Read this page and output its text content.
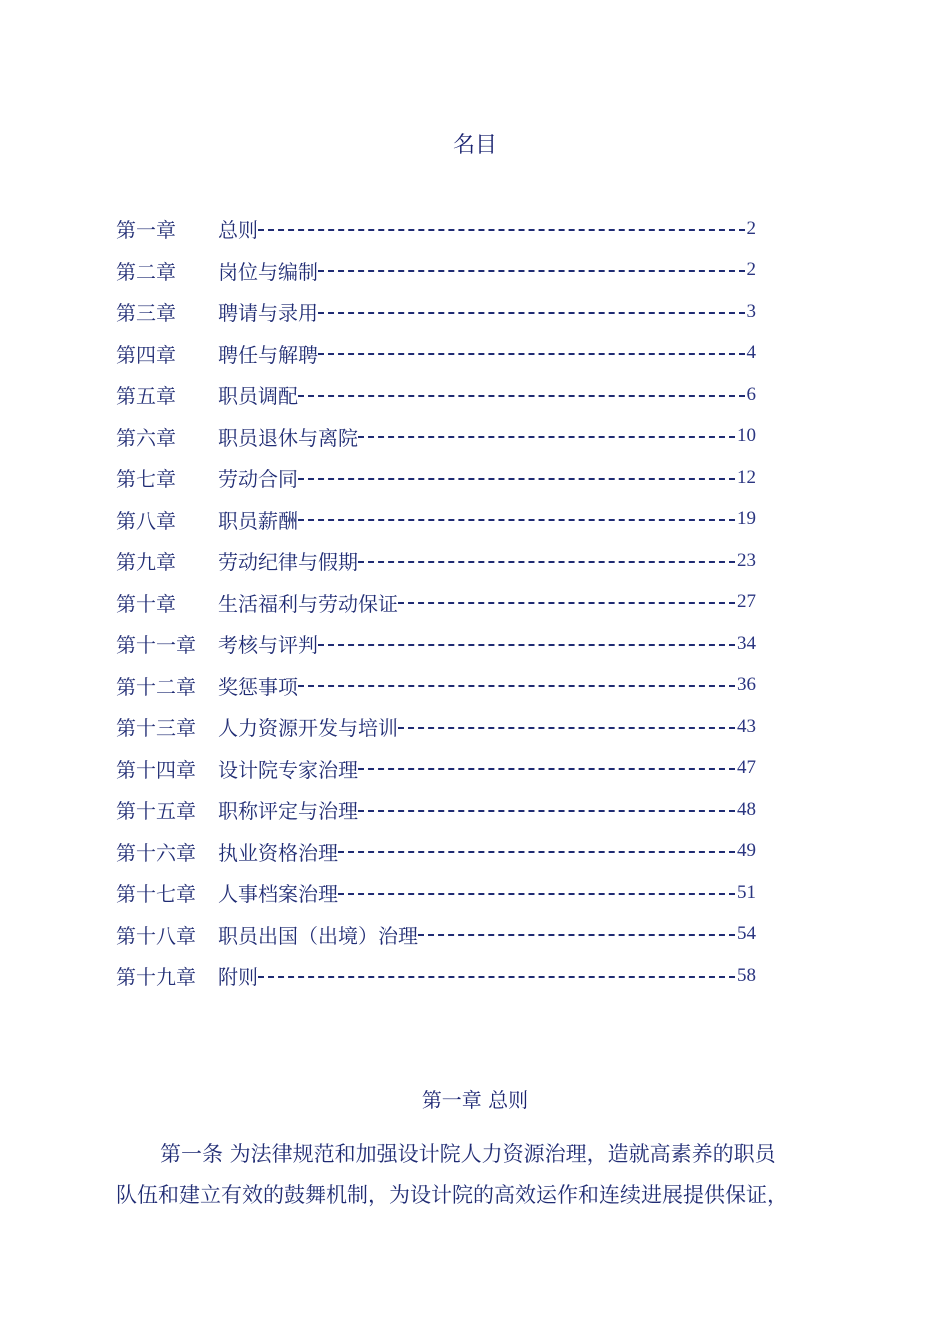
名目
第一章	总则	2
第二章	岗位与编制	2
第三章	聘请与录用	3
第四章	聘任与解聘	4
第五章	职员调配	6
第六章	职员退休与离院	10
第七章	劳动合同	12
第八章	职员薪酬	19
第九章	劳动纪律与假期	23
第十章	生活福利与劳动保证	27
第十一章	考核与评判	34
第十二章	奖惩事项	36
第十三章	人力资源开发与培训	43
第十四章	设计院专家治理	47
第十五章	职称评定与治理	48
第十六章	执业资格治理	49
第十七章	人事档案治理	51
第十八章	职员出国（出境）治理	54
第十九章	附则	58
第一章 总则
第一条 为法律规范和加强设计院人力资源治理，造就高素养的职员
队伍和建立有效的鼓舞机制，为设计院的高效运作和连续进展提供保证，
